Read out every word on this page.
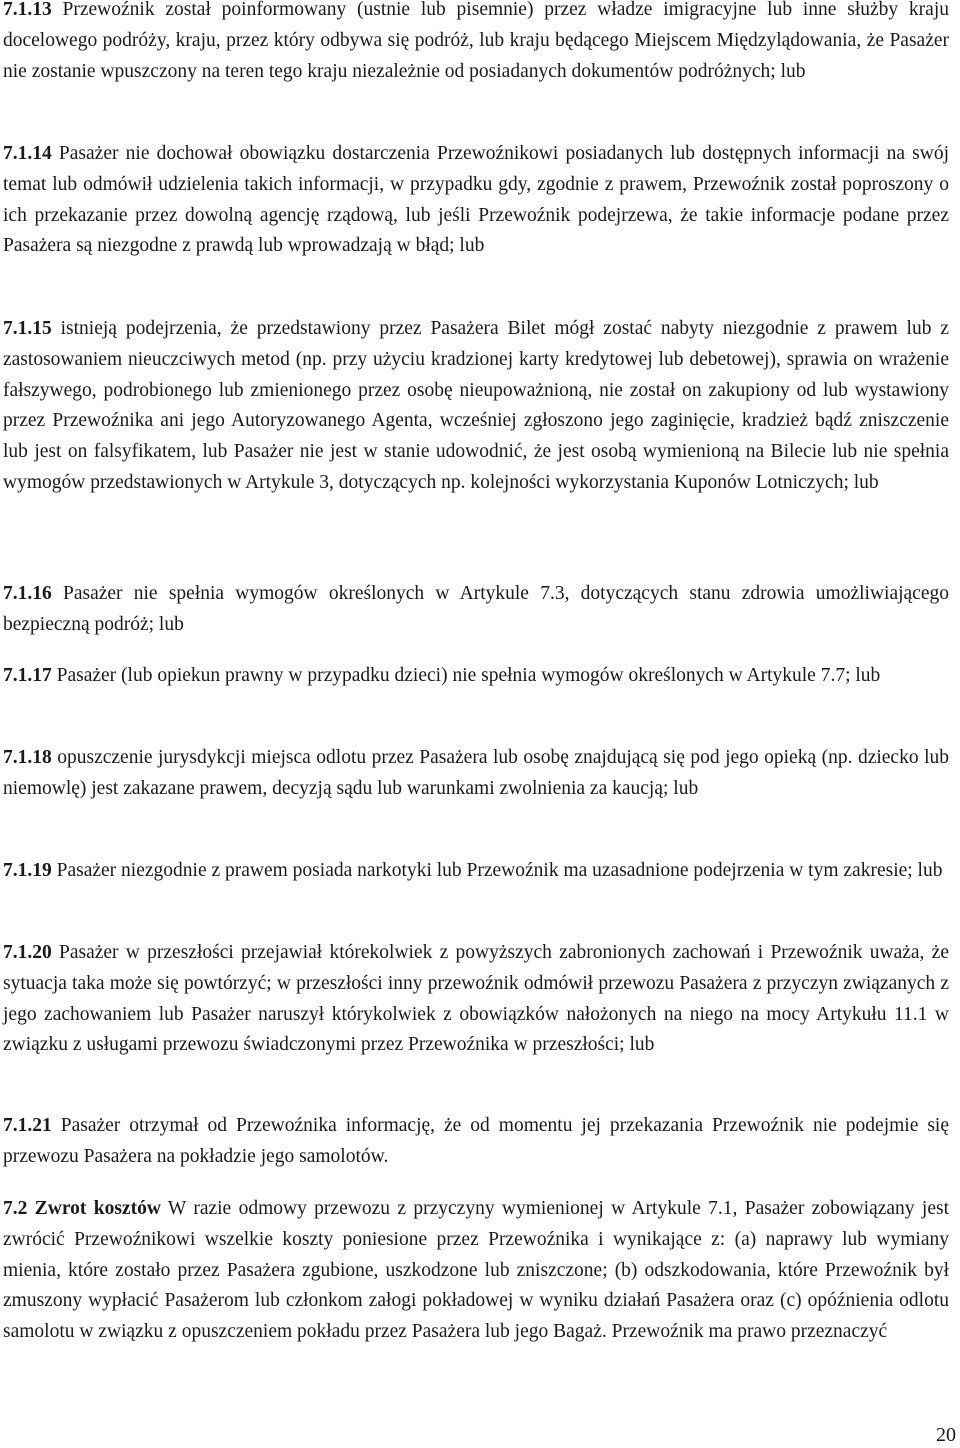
7.1.13 Przewoźnik został poinformowany (ustnie lub pisemnie) przez władze imigracyjne lub inne służby kraju docelowego podróży, kraju, przez który odbywa się podróż, lub kraju będącego Miejscem Międzylądowania, że Pasażer nie zostanie wpuszczony na teren tego kraju niezależnie od posiadanych dokumentów podróżnych; lub

7.1.14 Pasażer nie dochował obowiązku dostarczenia Przewoźnikowi posiadanych lub dostępnych informacji na swój temat lub odmówił udzielenia takich informacji, w przypadku gdy, zgodnie z prawem, Przewoźnik został poproszony o ich przekazanie przez dowolną agencję rządową, lub jeśli Przewoźnik podejrzewa, że takie informacje podane przez Pasażera są niezgodne z prawdą lub wprowadzają w błąd; lub

7.1.15 istnieją podejrzenia, że przedstawiony przez Pasażera Bilet mógł zostać nabyty niezgodnie z prawem lub z zastosowaniem nieuczciwych metod (np. przy użyciu kradzionej karty kredytowej lub debetowej), sprawia on wrażenie fałszywego, podrobionego lub zmienionego przez osobę nieupoważnioną, nie został on zakupiony od lub wystawiony przez Przewoźnika ani jego Autoryzowanego Agenta, wcześniej zgłoszono jego zaginięcie, kradzież bądź zniszczenie lub jest on falsyfikatem, lub Pasażer nie jest w stanie udowodnić, że jest osobą wymienioną na Bilecie lub nie spełnia wymogów przedstawionych w Artykule 3, dotyczących np. kolejności wykorzystania Kuponów Lotniczych; lub

7.1.16 Pasażer nie spełnia wymogów określonych w Artykule 7.3, dotyczących stanu zdrowia umożliwiającego bezpieczną podróż; lub

7.1.17 Pasażer (lub opiekun prawny w przypadku dzieci) nie spełnia wymogów określonych w Artykule 7.7; lub

7.1.18 opuszczenie jurysdykcji miejsca odlotu przez Pasażera lub osobę znajdującą się pod jego opieką (np. dziecko lub niemowlę) jest zakazane prawem, decyzją sądu lub warunkami zwolnienia za kaucją; lub

7.1.19 Pasażer niezgodnie z prawem posiada narkotyki lub Przewoźnik ma uzasadnione podejrzenia w tym zakresie; lub

7.1.20 Pasażer w przeszłości przejawiał którekolwiek z powyższych zabronionych zachowań i Przewoźnik uważa, że sytuacja taka może się powtórzyć; w przeszłości inny przewoźnik odmówił przewozu Pasażera z przyczyn związanych z jego zachowaniem lub Pasażer naruszył którykolwiek z obowiązków nałożonych na niego na mocy Artykułu 11.1 w związku z usługami przewozu świadczonymi przez Przewoźnika w przeszłości; lub

7.1.21 Pasażer otrzymał od Przewoźnika informację, że od momentu jej przekazania Przewoźnik nie podejmie się przewozu Pasażera na pokładzie jego samolotów.

7.2 Zwrot kosztów W razie odmowy przewozu z przyczyny wymienionej w Artykule 7.1, Pasażer zobowiązany jest zwrócić Przewoźnikowi wszelkie koszty poniesione przez Przewoźnika i wynikające z: (a) naprawy lub wymiany mienia, które zostało przez Pasażera zgubione, uszkodzone lub zniszczone; (b) odszkodowania, które Przewoźnik był zmuszony wypłacić Pasażerom lub członkom załogi pokładowej w wyniku działań Pasażera oraz (c) opóźnienia odlotu samolotu w związku z opuszczeniem pokładu przez Pasażera lub jego Bagaż. Przewoźnik ma prawo przeznaczyć

20
